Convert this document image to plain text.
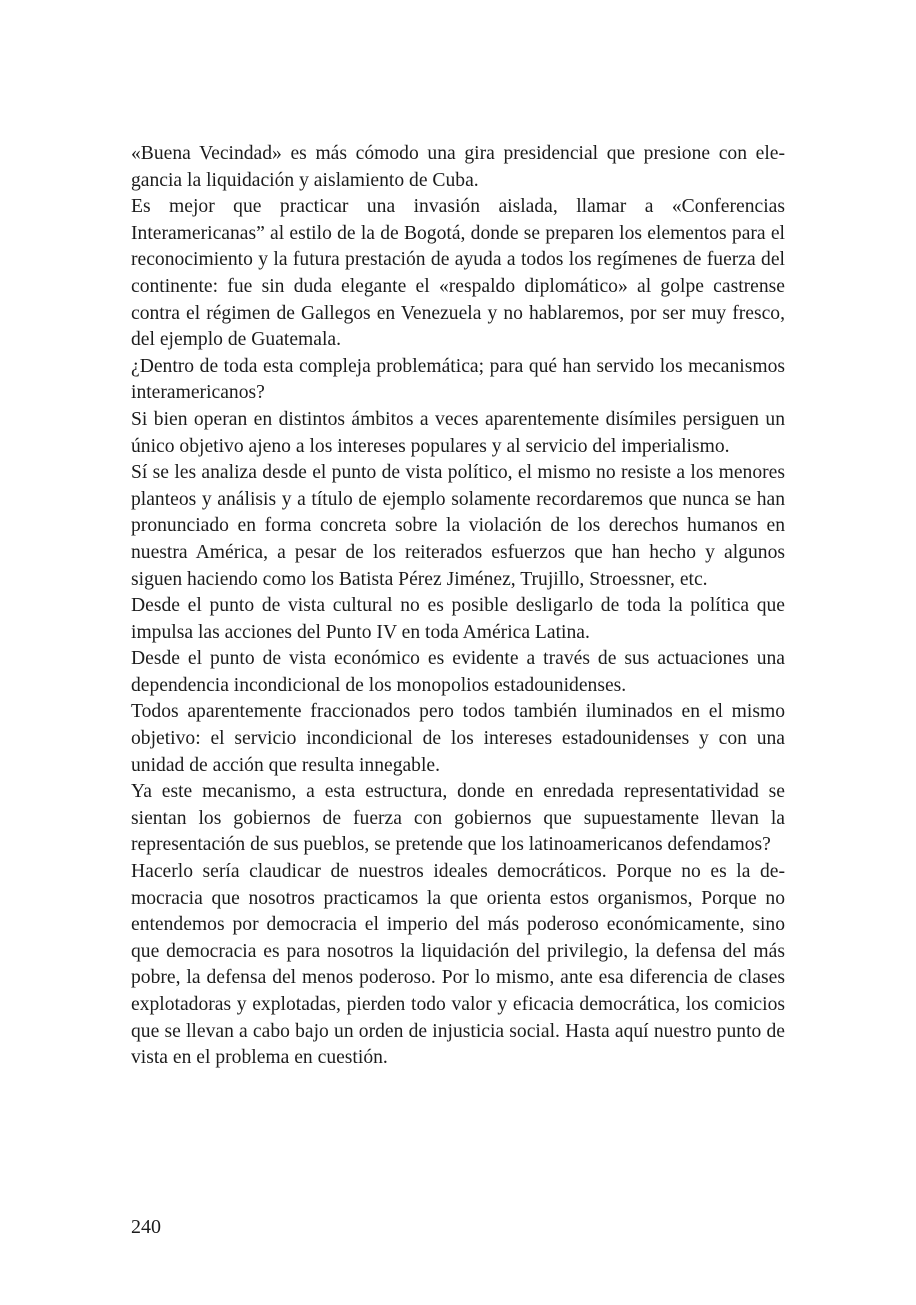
«Buena Vecindad» es más cómodo una gira presidencial que presione con elegancia la liquidación y aislamiento de Cuba.

Es mejor que practicar una invasión aislada, llamar a «Conferencias Interamericanas” al estilo de la de Bogotá, donde se preparen los elementos para el reconocimiento y la futura prestación de ayuda a todos los regímenes de fuerza del continente: fue sin duda elegante el «respaldo diplomático» al golpe castrense contra el régimen de Gallegos en Venezuela y no hablaremos, por ser muy fresco, del ejemplo de Guatemala.

¿Dentro de toda esta compleja problemática; para qué han servido los mecanismos interamericanos?

Si bien operan en distintos ámbitos a veces aparentemente disímiles persiguen un único objetivo ajeno a los intereses populares y al servicio del imperialismo.

Sí se les analiza desde el punto de vista político, el mismo no resiste a los menores planteos y análisis y a título de ejemplo solamente recordaremos que nunca se han pronunciado en forma concreta sobre la violación de los derechos humanos en nuestra América, a pesar de los reiterados esfuerzos que han hecho y algunos siguen haciendo como los Batista Pérez Jiménez, Trujillo, Stroessner, etc.

Desde el punto de vista cultural no es posible desligarlo de toda la política que impulsa las acciones del Punto IV en toda América Latina.

Desde el punto de vista económico es evidente a través de sus actuaciones una dependencia incondicional de los monopolios estadounidenses.

Todos aparentemente fraccionados pero todos también iluminados en el mismo objetivo: el servicio incondicional de los intereses estadounidenses y con una unidad de acción que resulta innegable.

Ya este mecanismo, a esta estructura, donde en enredada representatividad se sientan los gobiernos de fuerza con gobiernos que supuestamente llevan la representación de sus pueblos, se pretende que los latinoamericanos defendamos?

Hacerlo sería claudicar de nuestros ideales democráticos. Porque no es la democracia que nosotros practicamos la que orienta estos organismos, Porque no entendemos por democracia el imperio del más poderoso económicamente, sino que democracia es para nosotros la liquidación del privilegio, la defensa del más pobre, la defensa del menos poderoso. Por lo mismo, ante esa diferencia de clases explotadoras y explotadas, pierden todo valor y eficacia democrática, los comicios que se llevan a cabo bajo un orden de injusticia social. Hasta aquí nuestro punto de vista en el problema en cuestión.

240
